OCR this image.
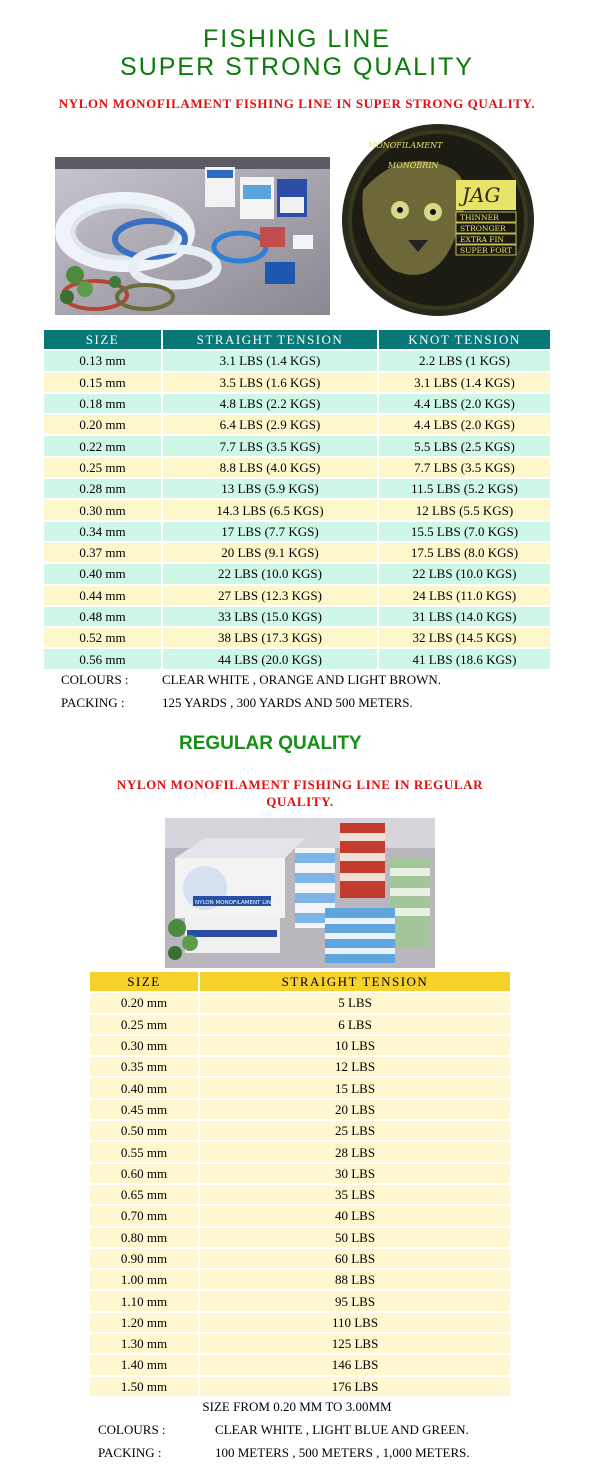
FISHING LINE
SUPER STRONG QUALITY
NYLON MONOFILAMENT FISHING LINE IN SUPER STRONG QUALITY.
MONOFILAMENT
MONOBRIN
JAG
THINNER
STRONGER
EXTRA FIN
SUPER FORT
SIZE	STRAIGHT TENSION	KNOT TENSION
0.13 mm	3.1 LBS (1.4 KGS)	2.2 LBS (1 KGS)
0.15 mm	3.5 LBS (1.6 KGS)	3.1 LBS (1.4 KGS)
0.18 mm	4.8 LBS (2.2 KGS)	4.4 LBS (2.0 KGS)
0.20 mm	6.4 LBS (2.9 KGS)	4.4 LBS (2.0 KGS)
0.22 mm	7.7 LBS (3.5 KGS)	5.5 LBS (2.5 KGS)
0.25 mm	8.8 LBS (4.0 KGS)	7.7 LBS (3.5 KGS)
0.28 mm	13 LBS (5.9 KGS)	11.5 LBS (5.2 KGS)
0.30 mm	14.3 LBS (6.5 KGS)	12 LBS (5.5 KGS)
0.34 mm	17 LBS (7.7 KGS)	15.5 LBS (7.0 KGS)
0.37 mm	20 LBS (9.1 KGS)	17.5 LBS (8.0 KGS)
0.40 mm	22 LBS (10.0 KGS)	22 LBS (10.0 KGS)
0.44 mm	27 LBS (12.3 KGS)	24 LBS (11.0 KGS)
0.48 mm	33 LBS (15.0 KGS)	31 LBS (14.0 KGS)
0.52 mm	38 LBS (17.3 KGS)	32 LBS (14.5 KGS)
0.56 mm	44 LBS (20.0 KGS)	41 LBS (18.6 KGS)
COLOURS :	CLEAR WHITE , ORANGE AND LIGHT BROWN.
PACKING :	125 YARDS , 300 YARDS AND 500 METERS.
REGULAR QUALITY
NYLON MONOFILAMENT FISHING LINE IN REGULAR
QUALITY.
NYLON MONOFILAMENT LINE
SIZE	STRAIGHT TENSION
0.20 mm	5 LBS
0.25 mm	6 LBS
0.30 mm	10 LBS
0.35 mm	12 LBS
0.40 mm	15 LBS
0.45 mm	20 LBS
0.50 mm	25 LBS
0.55 mm	28 LBS
0.60 mm	30 LBS
0.65 mm	35 LBS
0.70 mm	40 LBS
0.80 mm	50 LBS
0.90 mm	60 LBS
1.00 mm	88 LBS
1.10 mm	95 LBS
1.20 mm	110 LBS
1.30 mm	125 LBS
1.40 mm	146 LBS
1.50 mm	176 LBS
SIZE FROM 0.20 MM TO 3.00MM
COLOURS :	CLEAR WHITE , LIGHT BLUE AND GREEN.
PACKING :	100 METERS , 500 METERS , 1,000 METERS.
